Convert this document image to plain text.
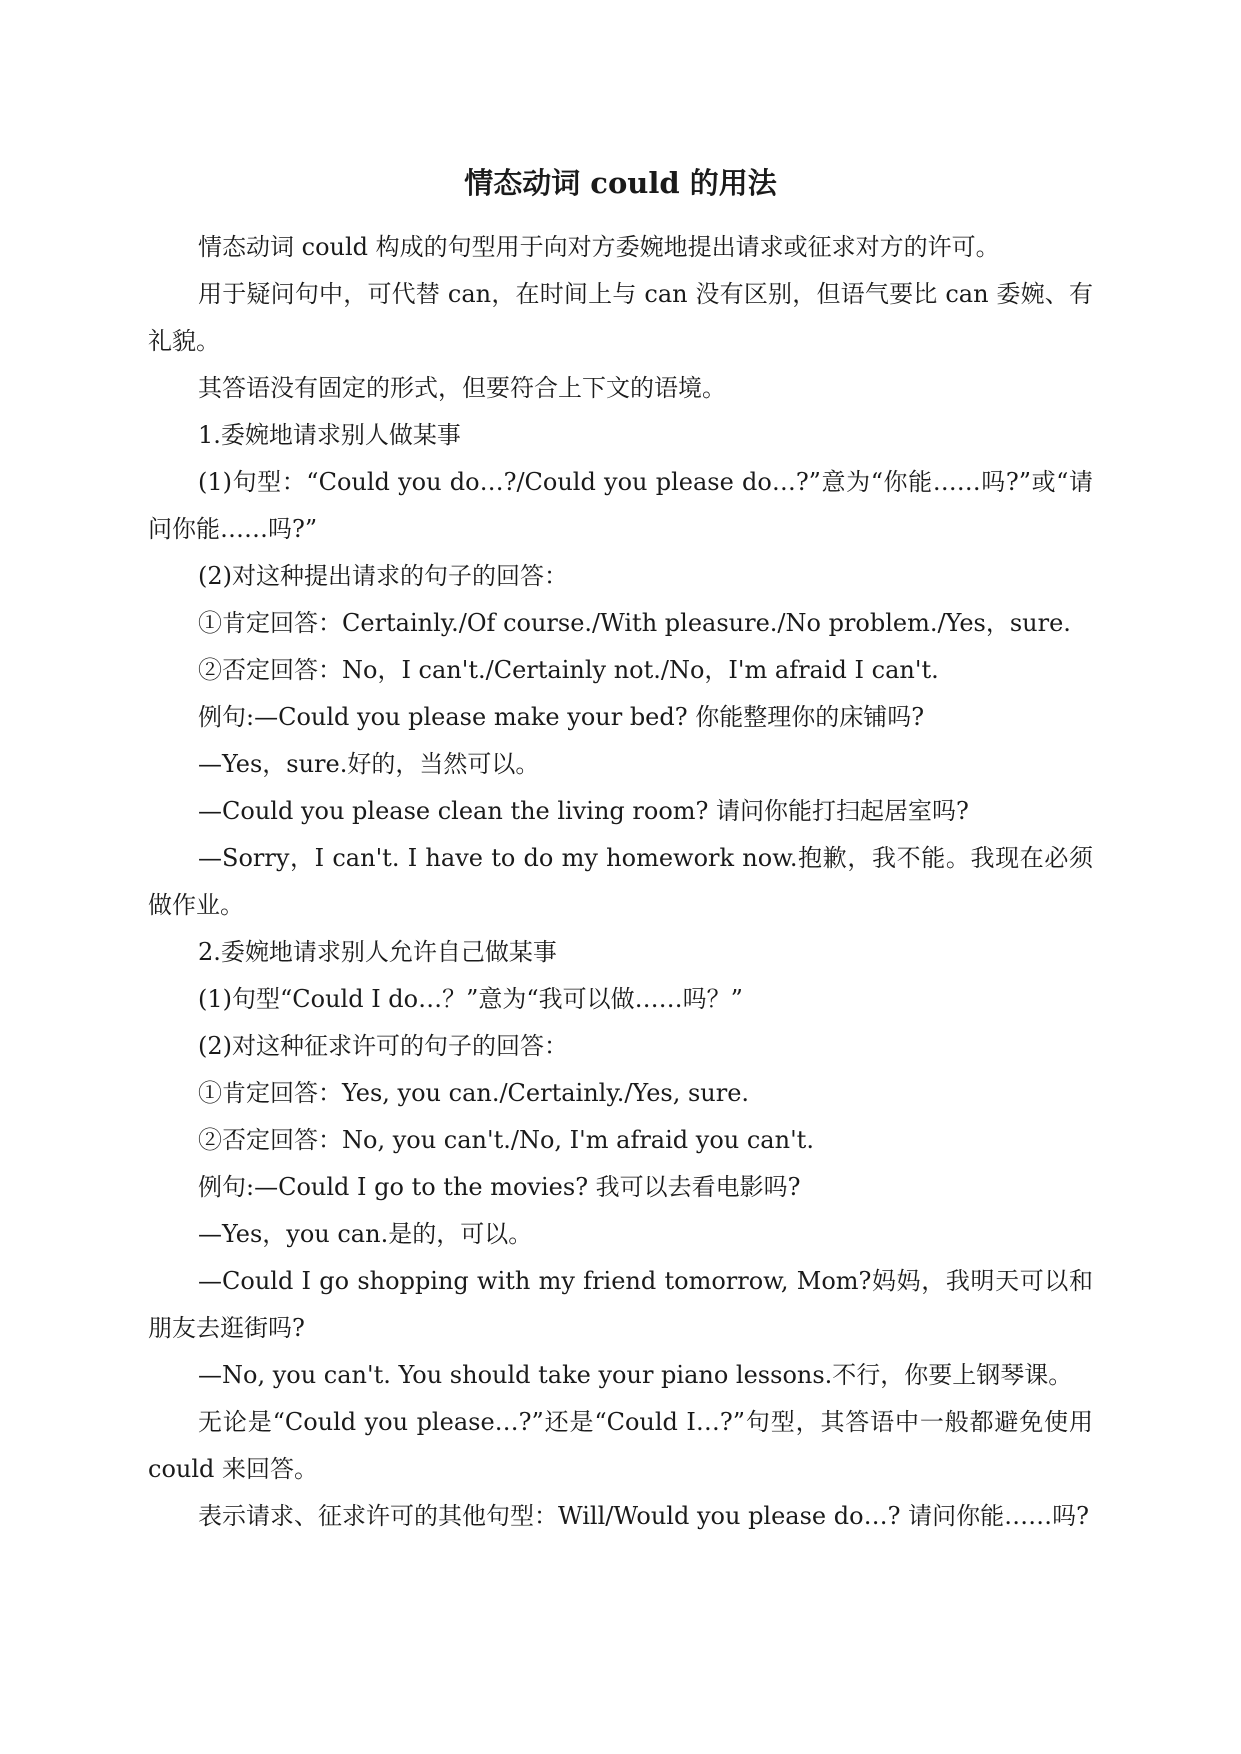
情态动词 could 的用法

情态动词 could 构成的句型用于向对方委婉地提出请求或征求对方的许可。

用于疑问句中，可代替 can，在时间上与 can 没有区别，但语气要比 can 委婉、有礼貌。

其答语没有固定的形式，但要符合上下文的语境。

1.委婉地请求别人做某事

(1)句型：“Could you do…?/Could you please do…?”意为“你能……吗?”或“请问你能……吗?”

(2)对这种提出请求的句子的回答：

①肯定回答：Certainly./Of course./With pleasure./No problem./Yes，sure.

②否定回答：No，I can't./Certainly not./No，I'm afraid I can't.

例句:—Could you please make your bed? 你能整理你的床铺吗?

—Yes，sure.好的，当然可以。

—Could you please clean the living room? 请问你能打扫起居室吗?

—Sorry，I can't. I have to do my homework now.抱歉，我不能。我现在必须做作业。

2.委婉地请求别人允许自己做某事

(1)句型“Could I do…？”意为“我可以做……吗？”

(2)对这种征求许可的句子的回答：

①肯定回答：Yes, you can./Certainly./Yes, sure.

②否定回答：No, you can't./No, I'm afraid you can't.

例句:—Could I go to the movies? 我可以去看电影吗?

—Yes，you can.是的，可以。

—Could I go shopping with my friend tomorrow, Mom?妈妈，我明天可以和朋友去逛街吗?

—No, you can't. You should take your piano lessons.不行，你要上钢琴课。

无论是“Could you please…?”还是“Could I…?”句型，其答语中一般都避免使用 could 来回答。

表示请求、征求许可的其他句型：Will/Would you please do…? 请问你能……吗?
